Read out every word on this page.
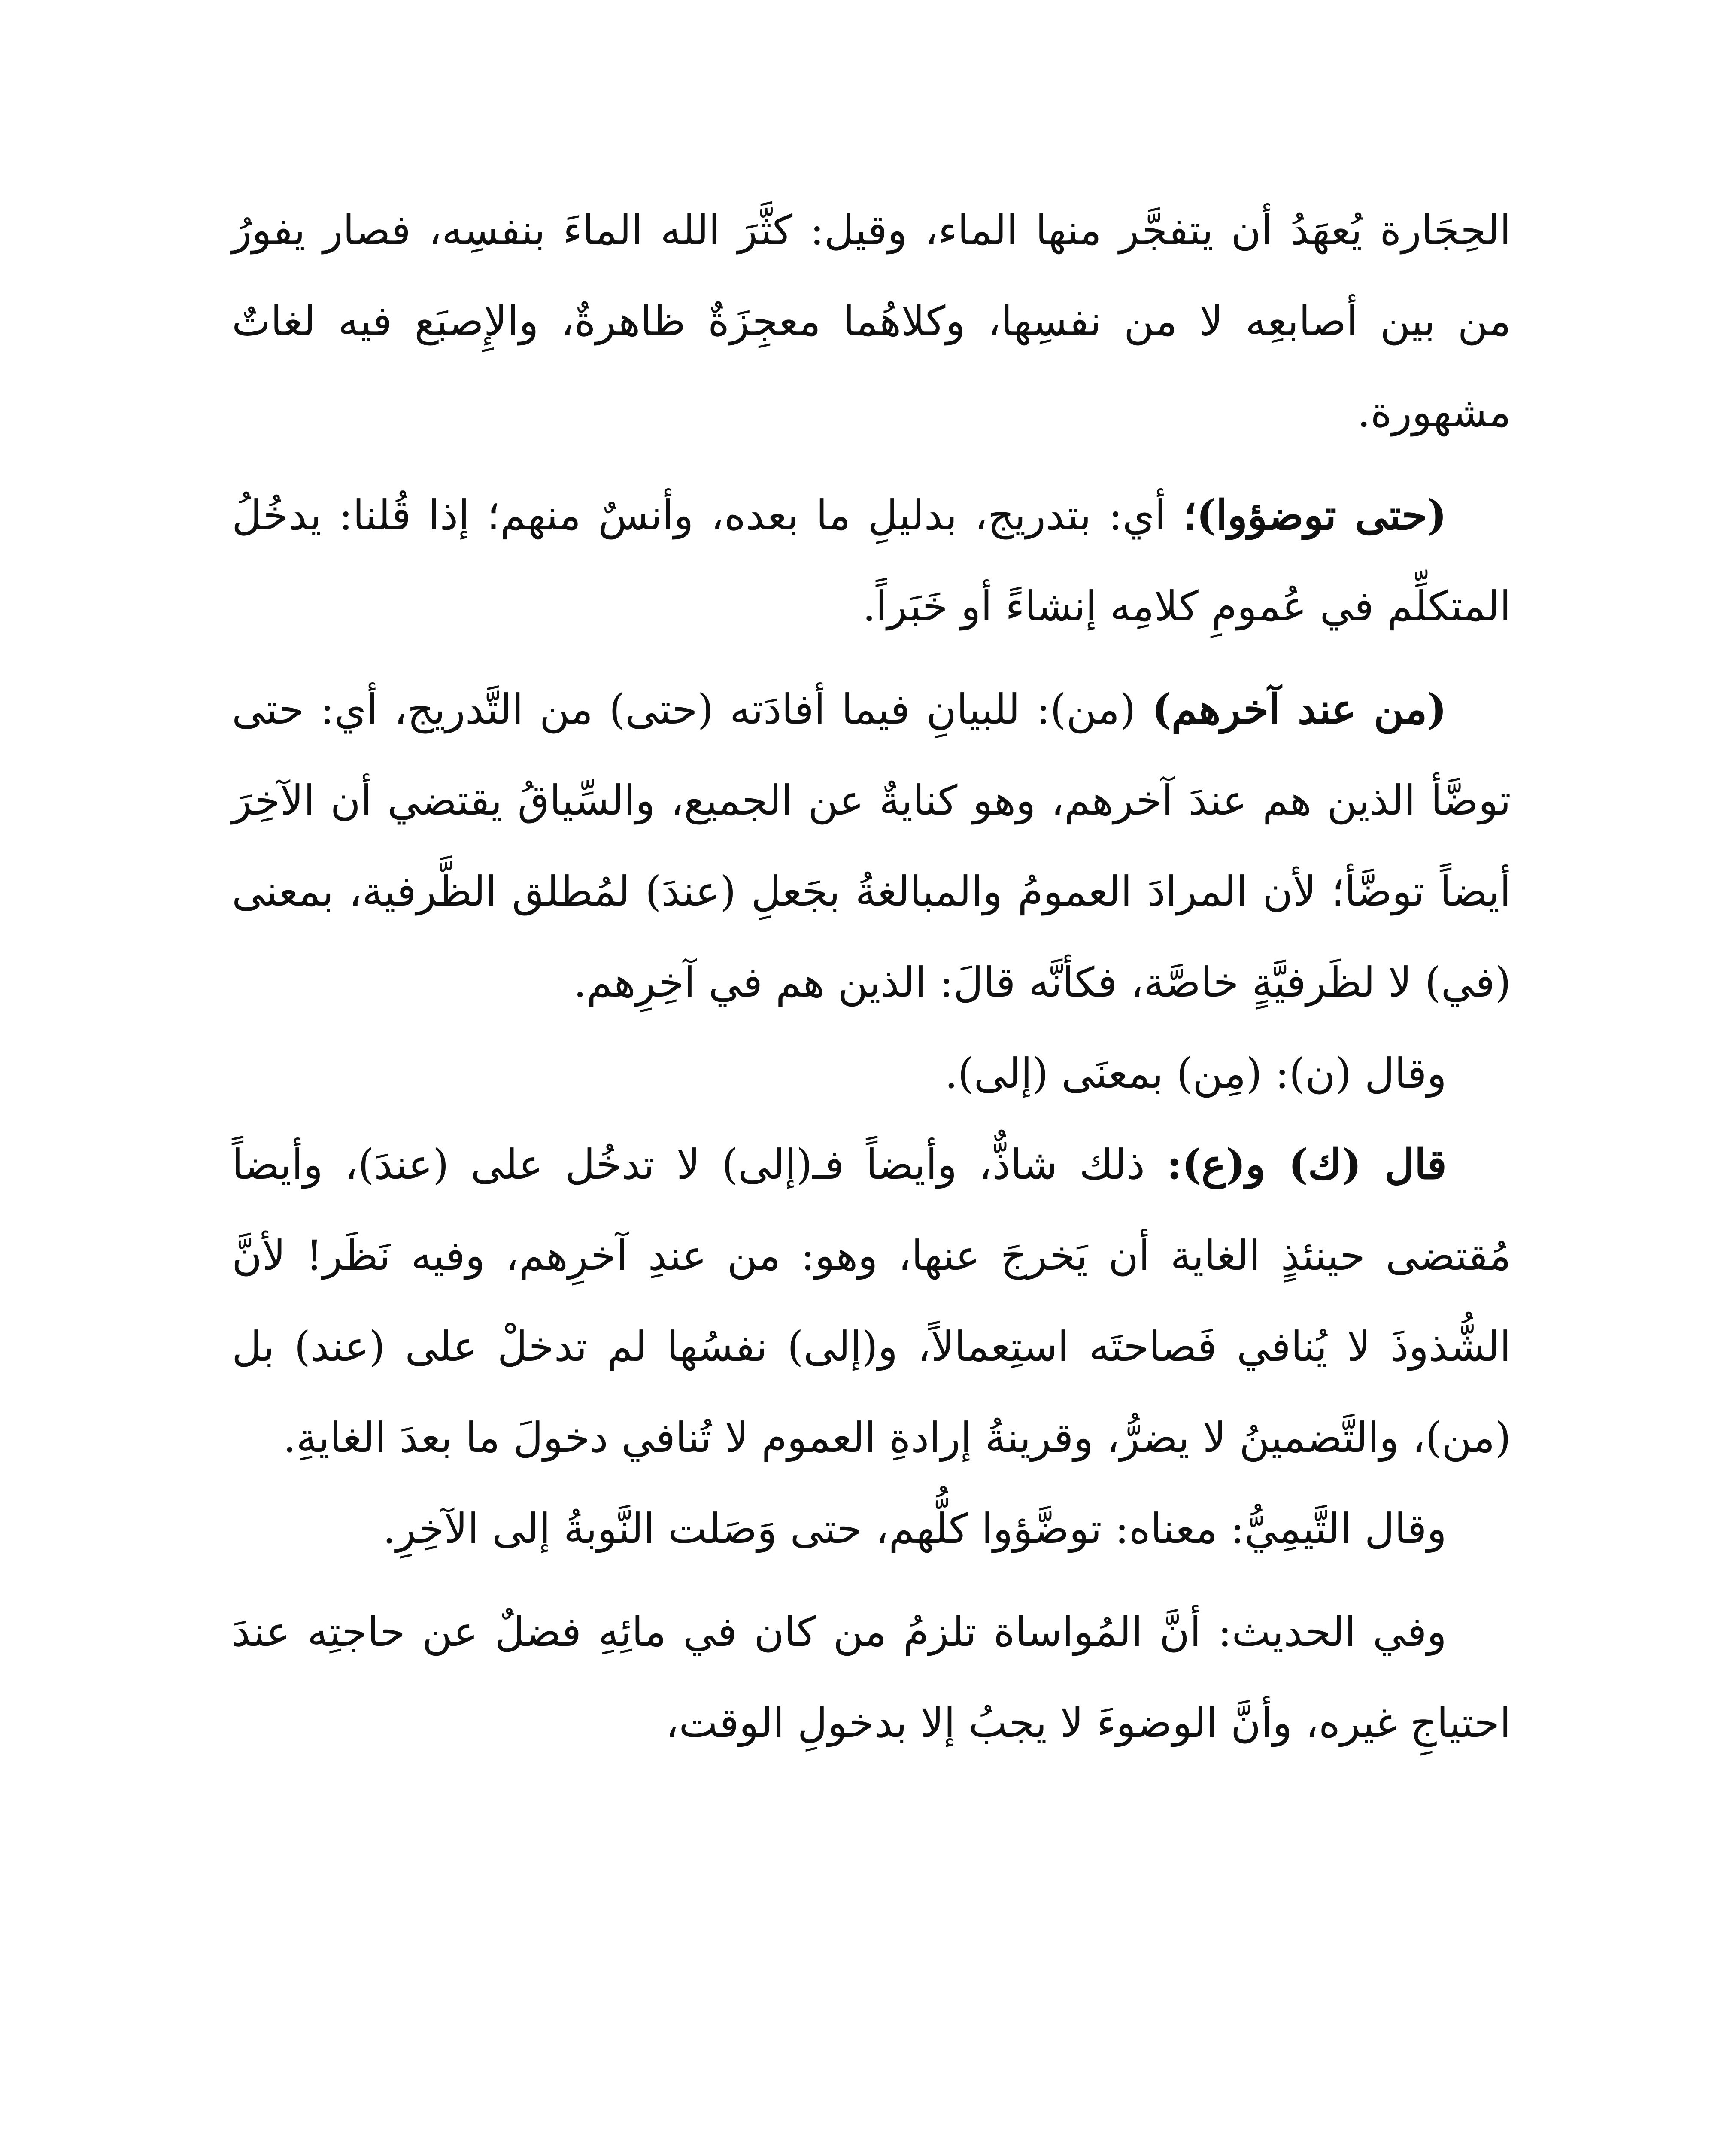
الحِجَارة يُعهَدُ أن يتفجَّر منها الماء، وقيل: كثَّرَ الله الماءَ بنفسِه، فصار يفورُ من بين أصابعِه لا من نفسِها، وكلاهُما معجِزَةٌ ظاهرةٌ، والإِصبَع فيه لغاتٌ مشهورة.

(حتى توضؤوا)؛ أي: بتدريج، بدليلِ ما بعده، وأنسٌ منهم؛ إذا قُلنا: يدخُلُ المتكلِّم في عُمومِ كلامِه إنشاءً أو خَبَراً.

(من عند آخرهم) (من): للبيانِ فيما أفادَته (حتى) من التَّدريج، أي: حتى توضَّأ الذين هم عندَ آخرهم، وهو كنايةٌ عن الجميع، والسِّياقُ يقتضي أن الآخِرَ أيضاً توضَّأ؛ لأن المرادَ العمومُ والمبالغةُ بجَعلِ (عندَ) لمُطلق الظَّرفية، بمعنى (في) لا لظَرفيَّةٍ خاصَّة، فكأنَّه قالَ: الذين هم في آخِرِهم.

وقال (ن): (مِن) بمعنَى (إلى).

قال (ك) و(ع): ذلك شاذٌّ، وأيضاً فـ(إلى) لا تدخُل على (عندَ)، وأيضاً مُقتضى حينئذٍ الغاية أن يَخرجَ عنها، وهو: من عندِ آخرِهم، وفيه نَظَر! لأنَّ الشُّذوذَ لا يُنافي فَصاحتَه استِعمالاً، و(إلى) نفسُها لم تدخلْ على (عند) بل (من)، والتَّضمينُ لا يضرُّ، وقرينةُ إرادةِ العموم لا تُنافي دخولَ ما بعدَ الغايةِ.

وقال التَّيمِيُّ: معناه: توضَّؤوا كلُّهم، حتى وَصَلت النَّوبةُ إلى الآخِرِ.

وفي الحديث: أنَّ المُواساة تلزمُ من كان في مائِهِ فضلٌ عن حاجتِه عندَ احتياجِ غيره، وأنَّ الوضوءَ لا يجبُ إلا بدخولِ الوقت،
